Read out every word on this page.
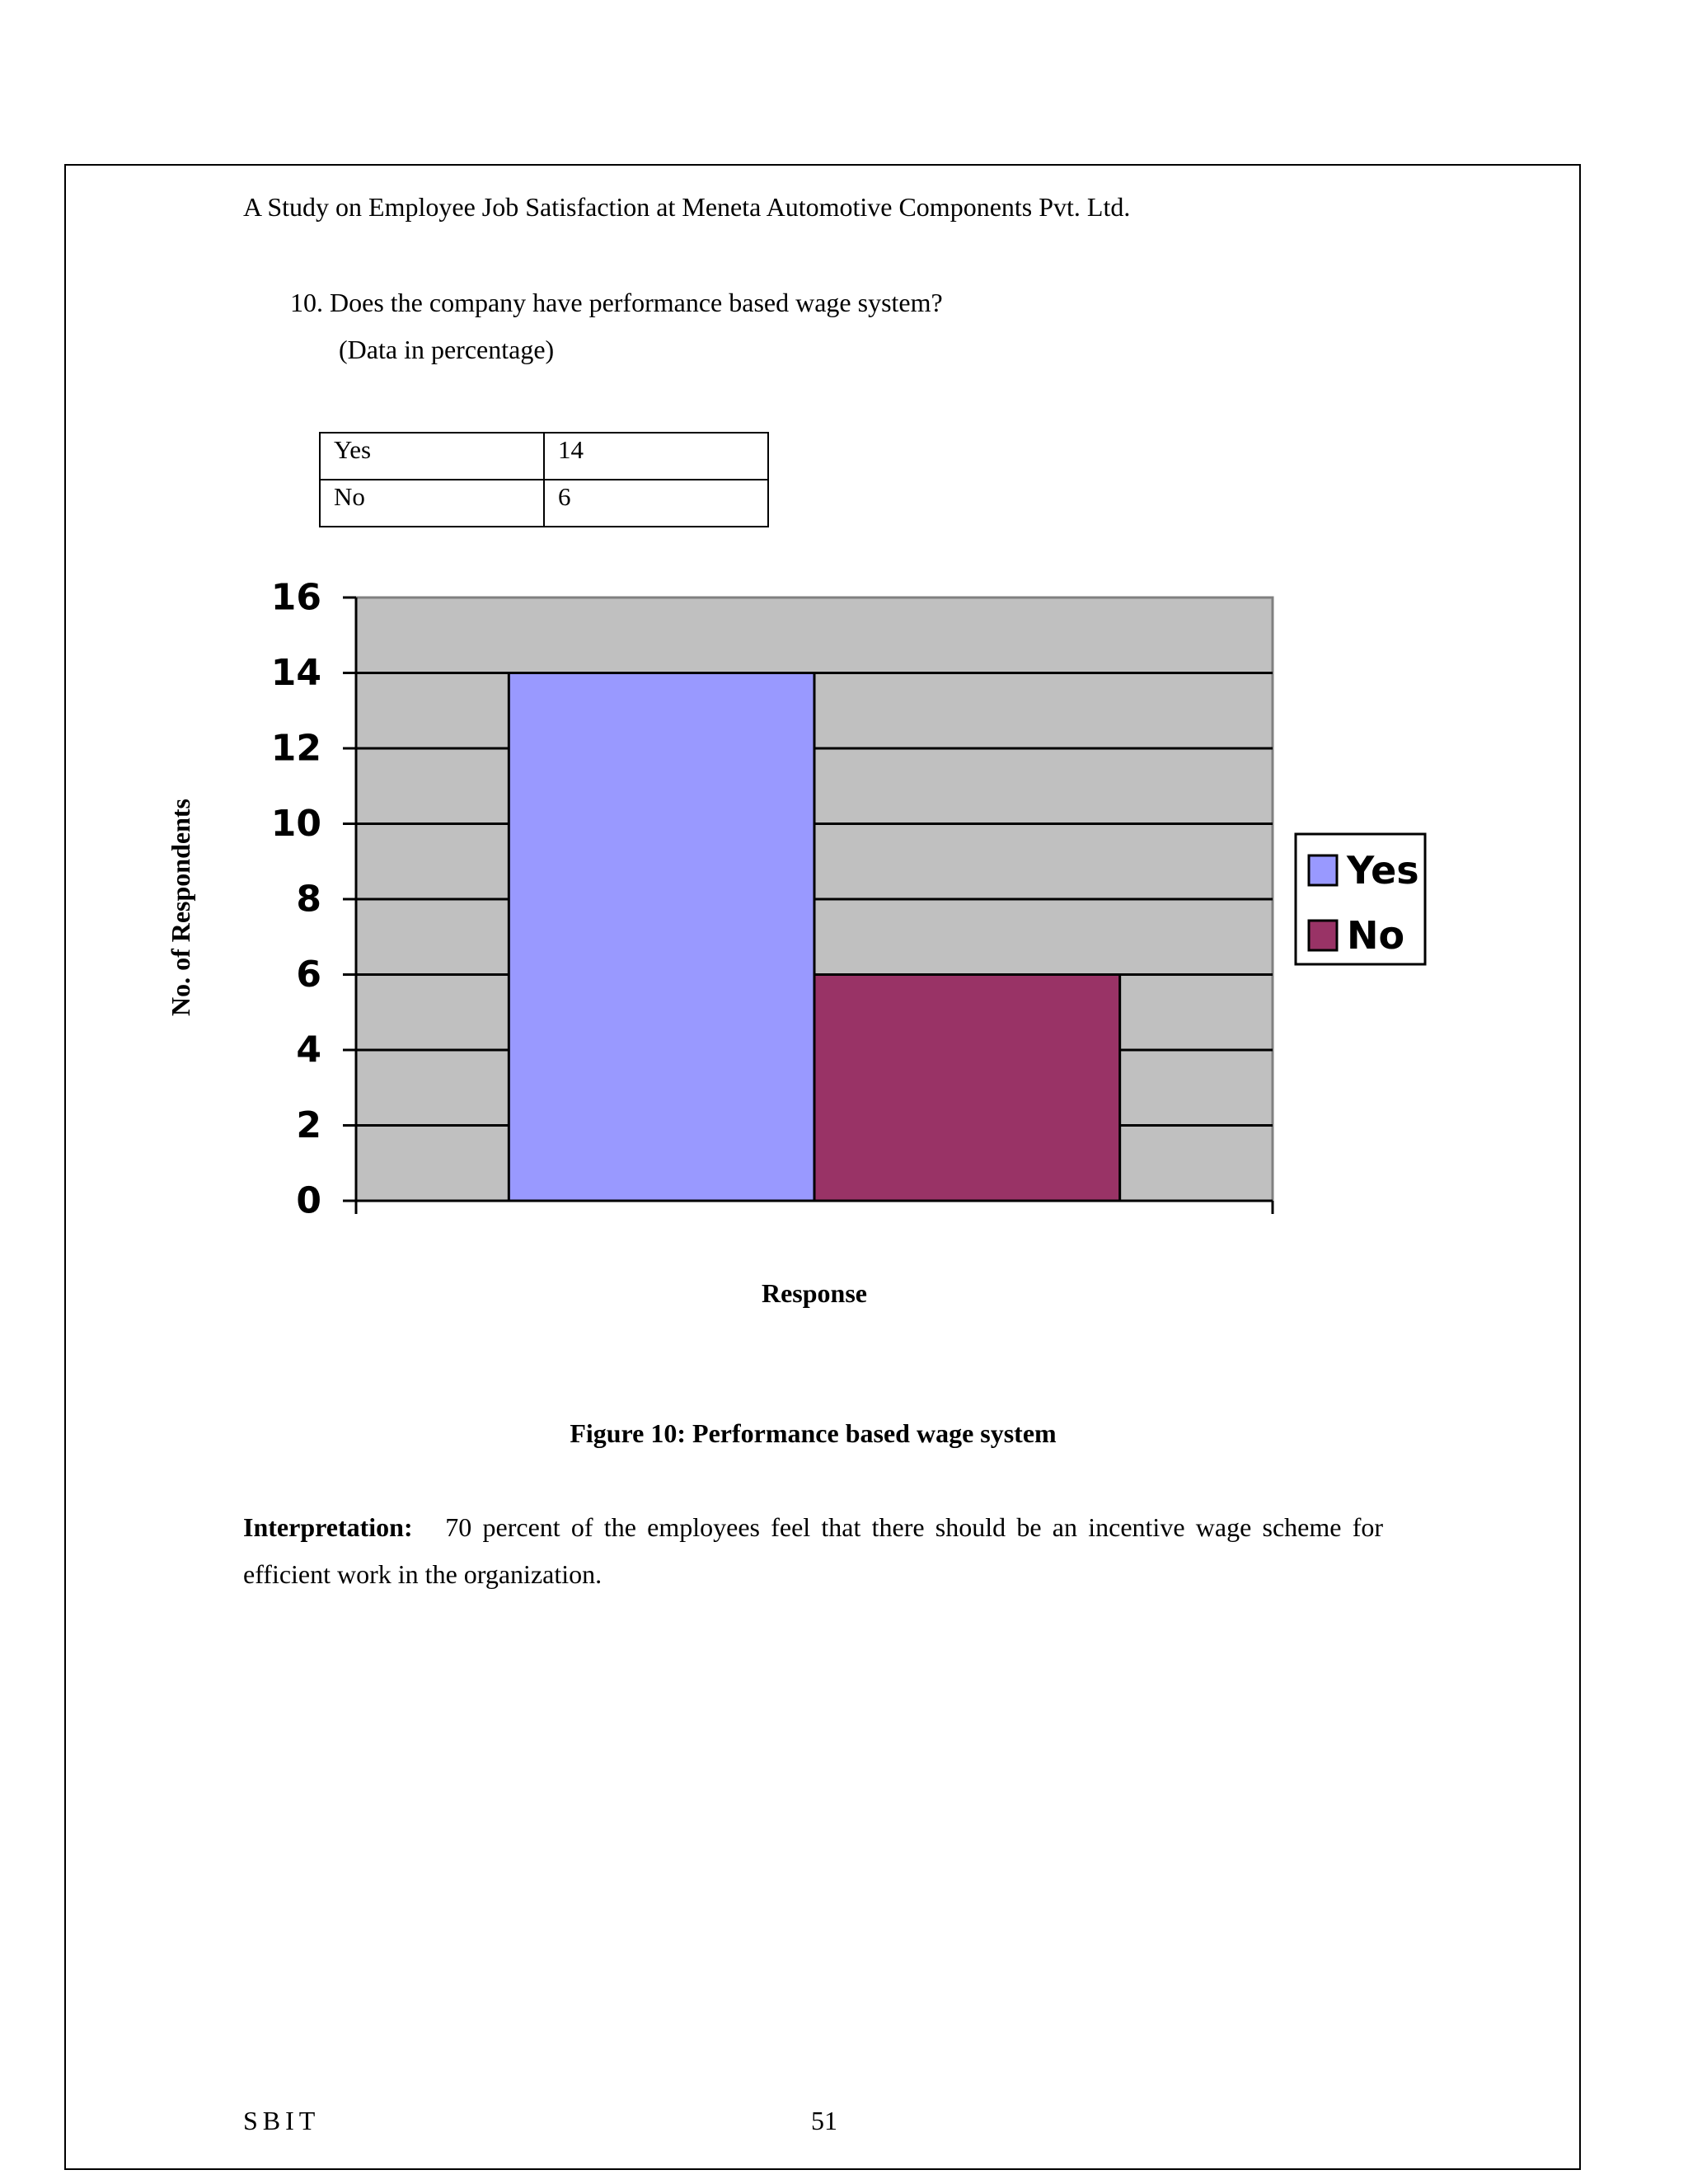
A Study on Employee Job Satisfaction at Meneta Automotive Components Pvt. Ltd.
10. Does the company have performance based wage system?
(Data in percentage)
Yes	14
No	6
0
2
4
6
8
10
12
14
16
Response
No. of Respondents	Yes
No
Figure 10: Performance based wage system
Interpretation: 70 percent of the employees feel that there should be an incentive wage scheme for efficient work in the organization.
SBIT	51
